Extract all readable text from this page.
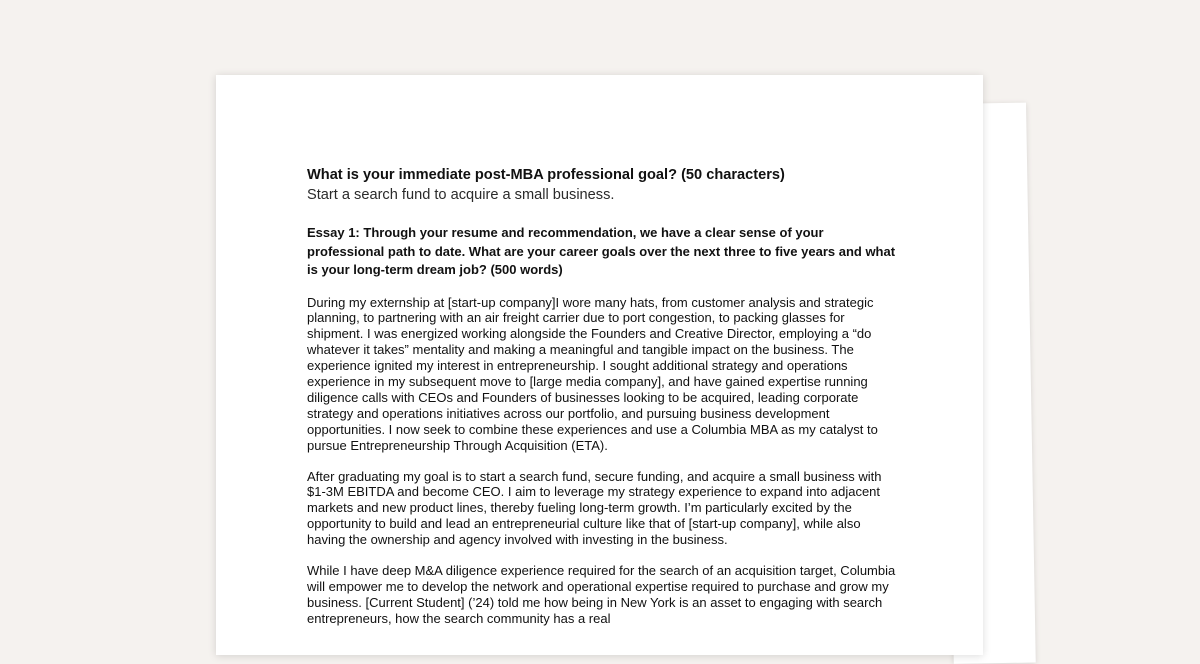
What is your immediate post-MBA professional goal? (50 characters)

Start a search fund to acquire a small business.

Essay 1: Through your resume and recommendation, we have a clear sense of your professional path to date. What are your career goals over the next three to five years and what is your long-term dream job? (500 words)

During my externship at [start-up company]I wore many hats, from customer analysis and strategic planning, to partnering with an air freight carrier due to port congestion, to packing glasses for shipment. I was energized working alongside the Founders and Creative Director, employing a “do whatever it takes” mentality and making a meaningful and tangible impact on the business. The experience ignited my interest in entrepreneurship. I sought additional strategy and operations experience in my subsequent move to [large media company], and have gained expertise running diligence calls with CEOs and Founders of businesses looking to be acquired, leading corporate strategy and operations initiatives across our portfolio, and pursuing business development opportunities. I now seek to combine these experiences and use a Columbia MBA as my catalyst to pursue Entrepreneurship Through Acquisition (ETA).

After graduating my goal is to start a search fund, secure funding, and acquire a small business with $1-3M EBITDA and become CEO. I aim to leverage my strategy experience to expand into adjacent markets and new product lines, thereby fueling long-term growth. I’m particularly excited by the opportunity to build and lead an entrepreneurial culture like that of [start-up company], while also having the ownership and agency involved with investing in the business.

While I have deep M&A diligence experience required for the search of an acquisition target, Columbia will empower me to develop the network and operational expertise required to purchase and grow my business. [Current Student] (’24) told me how being in New York is an asset to engaging with search entrepreneurs, how the search community has a real
